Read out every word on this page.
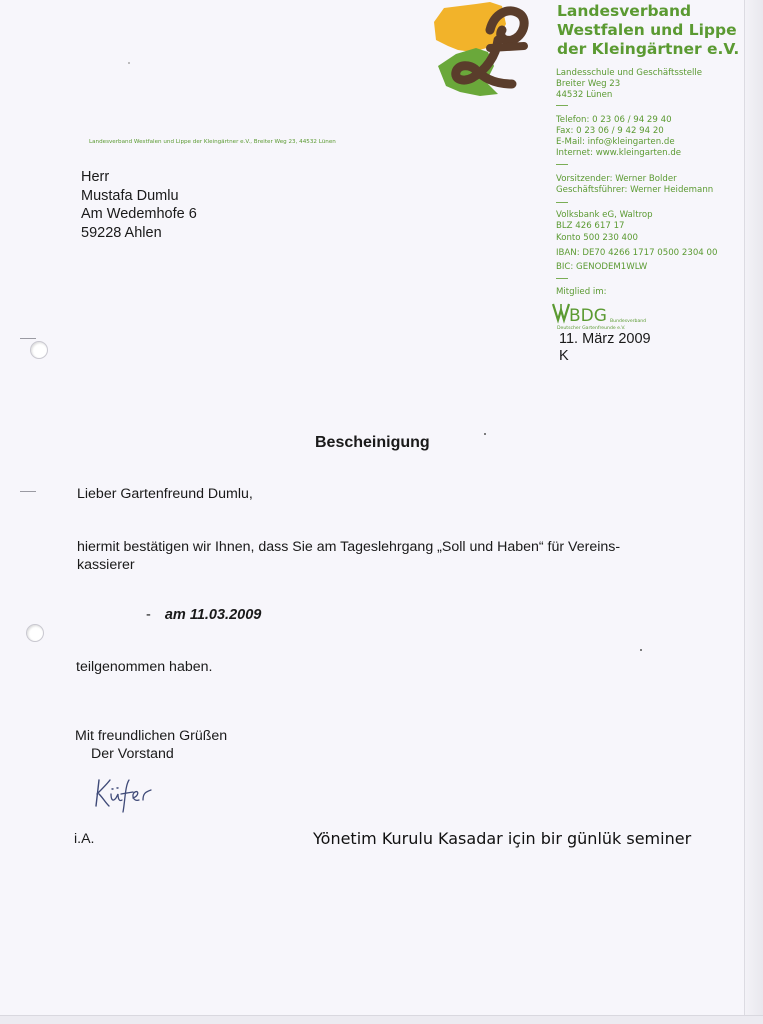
Landesverband
Westfalen und Lippe
der Kleingärtner e.V.
Landesschule und Geschäftsstelle
Breiter Weg 23
44532 Lünen
Telefon: 0 23 06 / 94 29 40
Fax: 0 23 06 / 9 42 94 20
E-Mail: info@kleingarten.de
Internet: www.kleingarten.de
Vorsitzender: Werner Bolder
Geschäftsführer: Werner Heidemann
Volksbank eG, Waltrop
BLZ 426 617 17
Konto 500 230 400
IBAN: DE70 4266 1717 0500 2304 00
BIC: GENODEM1WLW
Mitglied im:
BDG Bundesverband
Deutscher Gartenfreunde e.V.
Landesverband Westfalen und Lippe der Kleingärtner e.V., Breiter Weg 23, 44532 Lünen
Herr
Mustafa Dumlu
Am Wedemhofe 6
59228 Ahlen
11. März 2009
K
Bescheinigung
Lieber Gartenfreund Dumlu,
hiermit bestätigen wir Ihnen, dass Sie am Tageslehrgang „Soll und Haben“ für Vereins-
kassierer
- am 11.03.2009
teilgenommen haben.
Mit freundlichen Grüßen
Der Vorstand
i.A.	Yönetim Kurulu Kasadar için bir günlük seminer
